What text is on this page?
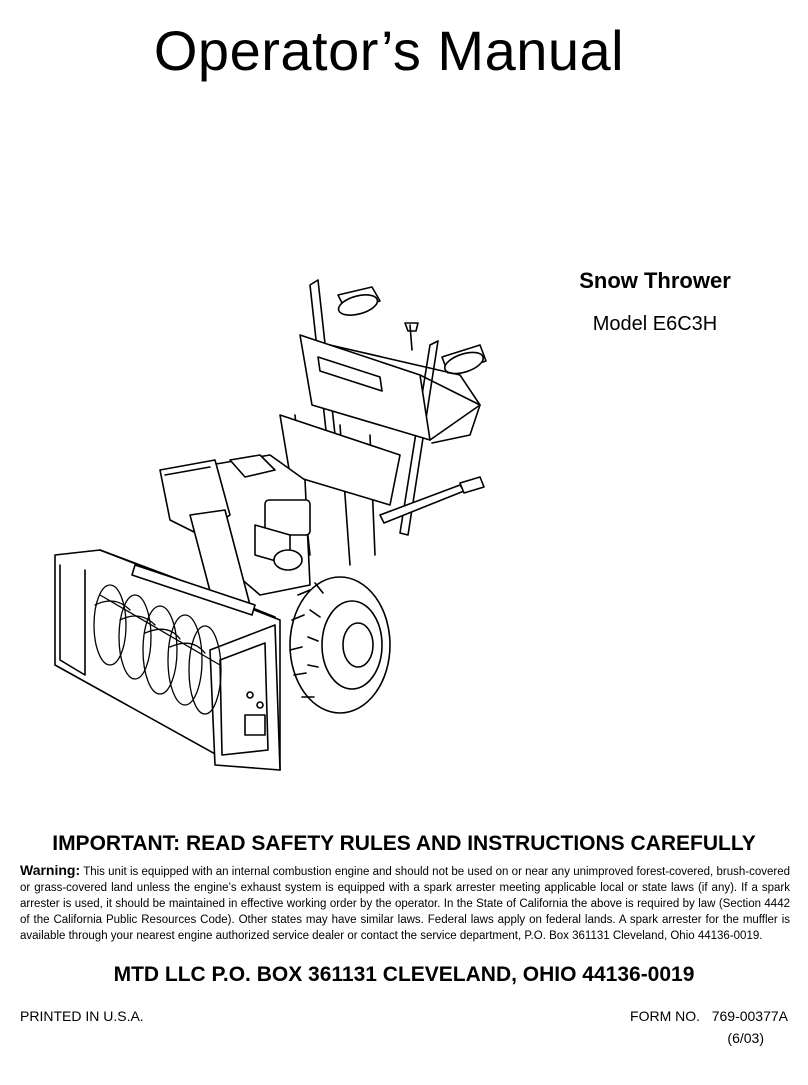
Operator’s Manual
Snow Thrower
Model E6C3H
IMPORTANT: READ SAFETY RULES AND INSTRUCTIONS CAREFULLY
Warning: This unit is equipped with an internal combustion engine and should not be used on or near any unimproved forest-covered, brush-covered or grass-covered land unless the engine’s exhaust system is equipped with a spark arrester meeting applicable local or state laws (if any). If a spark arrester is used, it should be maintained in effective working order by the operator. In the State of California the above is required by law (Section 4442 of the California Public Resources Code). Other states may have similar laws. Federal laws apply on federal lands. A spark arrester for the muffler is available through your nearest engine authorized service dealer or contact the service department, P.O. Box 361131 Cleveland, Ohio 44136-0019.
MTD LLC P.O. BOX 361131 CLEVELAND, OHIO 44136-0019
PRINTED IN U.S.A.	FORM NO.   769-00377A
(6/03)
